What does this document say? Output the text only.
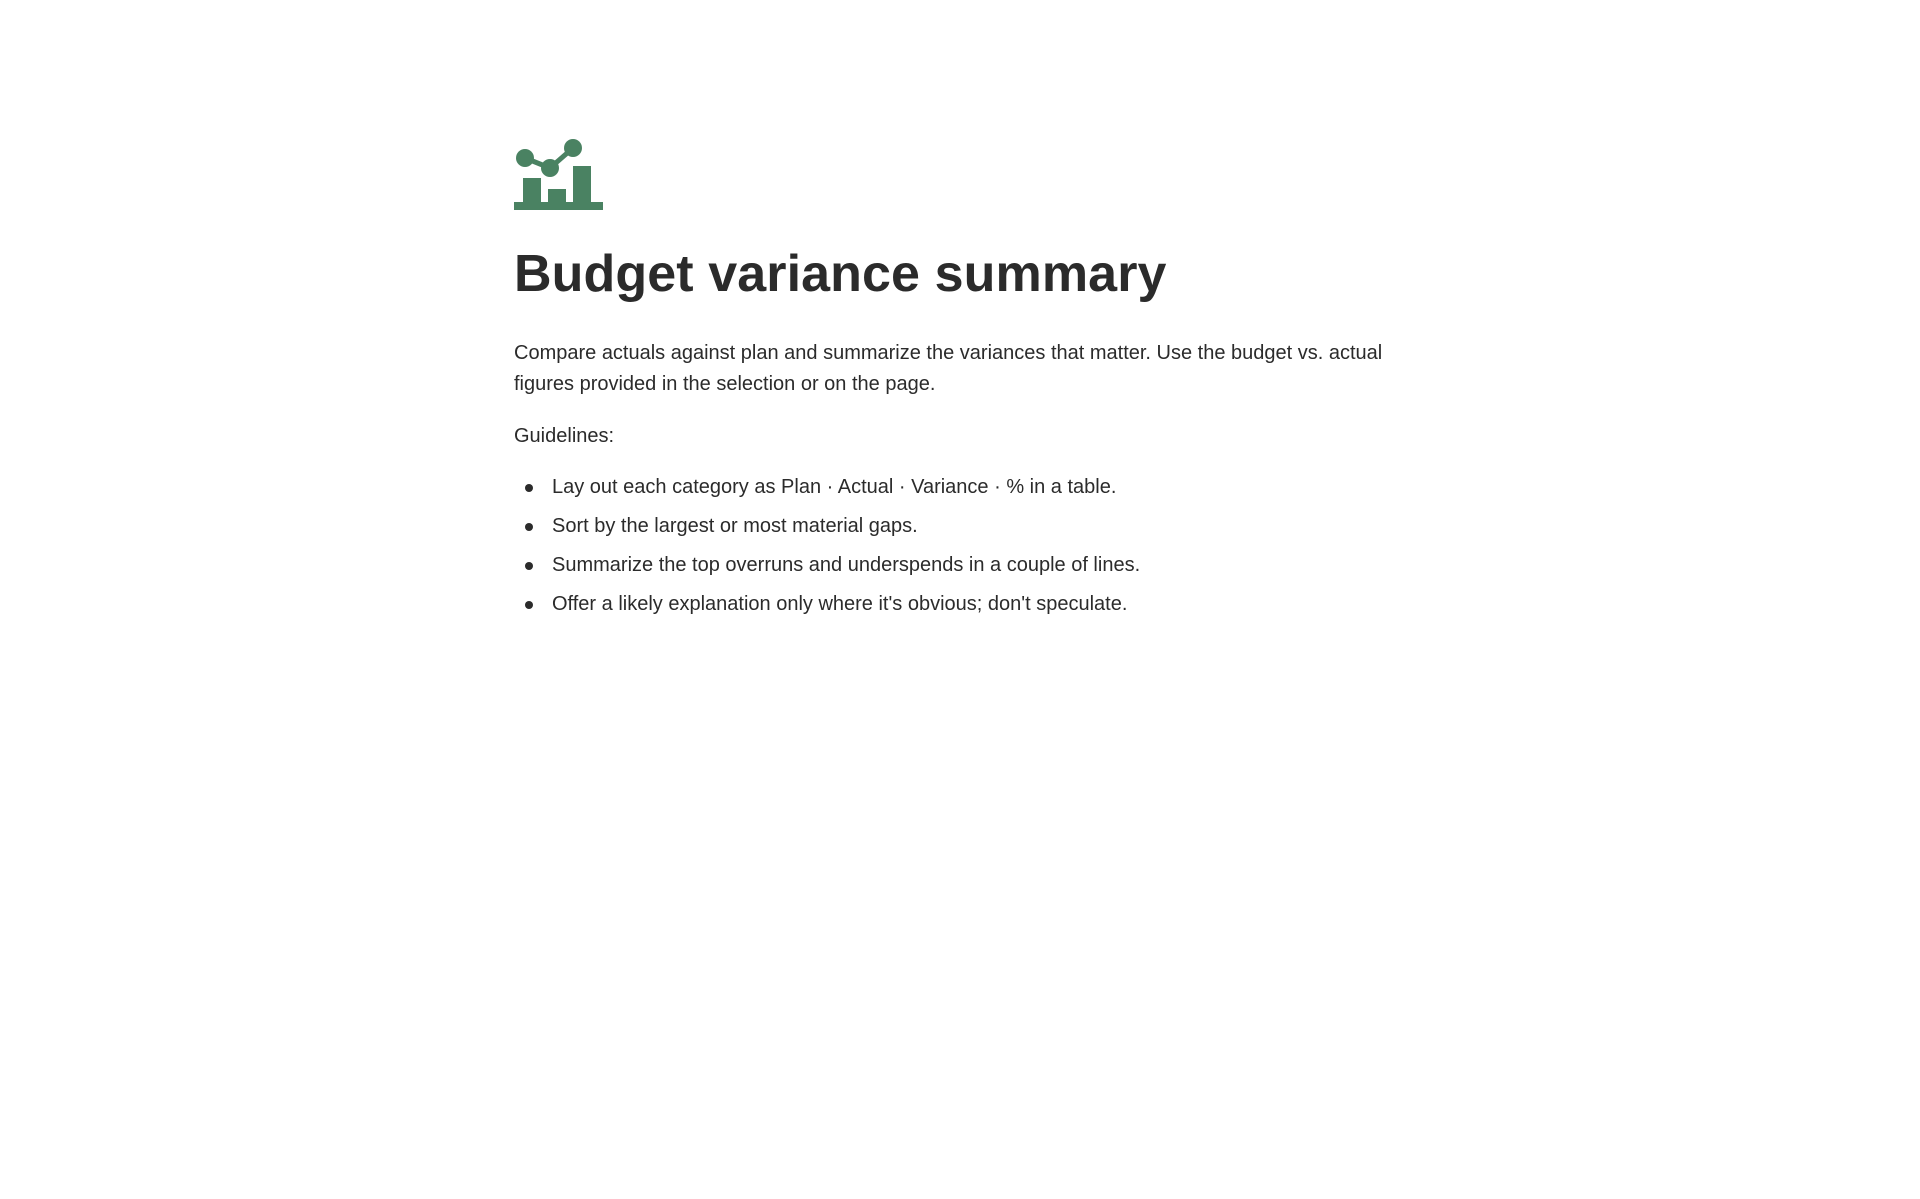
Budget variance summary

Compare actuals against plan and summarize the variances that matter. Use the budget vs. actual figures provided in the selection or on the page.

Guidelines:

Lay out each category as Plan · Actual · Variance · % in a table.
Sort by the largest or most material gaps.
Summarize the top overruns and underspends in a couple of lines.
Offer a likely explanation only where it's obvious; don't speculate.
